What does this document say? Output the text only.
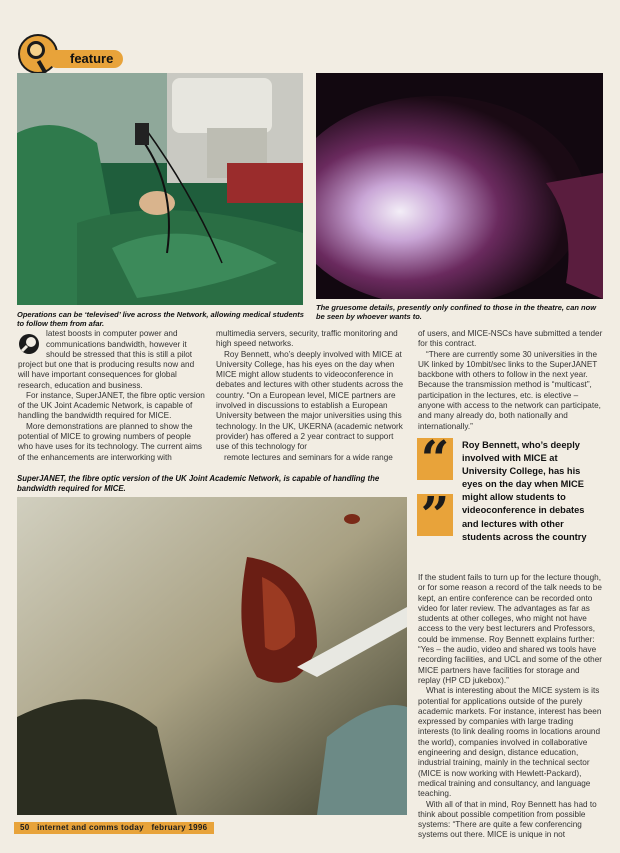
feature
Operations can be ‘televised’ live across the Network, allowing medical students to follow them from afar.
The gruesome details, presently only confined to those in the theatre, can now be seen by whoever wants to.
latest boosts in computer power and
communications bandwidth, however it
should be stressed that this is still a pilot

project but one that is producing results now and will have important consequences for global research, education and business.

For instance, SuperJANET, the fibre optic version of the UK Joint Academic Network, is capable of handling the bandwidth required for MICE.

More demonstrations are planned to show the potential of MICE to growing numbers of people who have uses for its technology. The current aims of the enhancements are interworking with

multimedia servers, security, traffic monitoring and high speed networks.

Roy Bennett, who’s deeply involved with MICE at University College, has his eyes on the day when MICE might allow students to videoconference in debates and lectures with other students across the country. “On a European level, MICE partners are involved in discussions to establish a European University between the major universities using this technology. In the UK, UKERNA (academic network provider) has offered a 2 year contract to support use of this technology for

remote lectures and seminars for a wide range

SuperJANET, the fibre optic version of the UK Joint Academic Network, is capable of handling the bandwidth required for MICE.

of users, and MICE-NSCs have submitted a tender for this contract.

“There are currently some 30 universities in the UK linked by 10mbit/sec links to the SuperJANET backbone with others to follow in the next year. Because the transmission method is “multicast”, participation in the lectures, etc. is elective – anyone with access to the network can participate, and many already do, both nationally and internationally.”

“
”
Roy Bennett, who’s deeply involved with MICE at University College, has his eyes on the day when MICE might allow students to videoconference in debates and lectures with other students across the country

If the student fails to turn up for the lecture though, or for some reason a record of the talk needs to be kept, an entire conference can be recorded onto video for later review. The advantages as far as students at other colleges, who might not have access to the very best lecturers and Professors, could be immense. Roy Bennett explains further: “Yes – the audio, video and shared ws tools have recording facilities, and UCL and some of the other MICE partners have facilities for storage and replay (HP CD jukebox).”

What is interesting about the MICE system is its potential for applications outside of the purely academic markets. For instance, interest has been expressed by companies with large trading interests (to link dealing rooms in locations around the world), companies involved in collaborative engineering and design, distance education, industrial training, mainly in the technical sector (MICE is now working with Hewlett-Packard), medical training and consultancy, and language teaching.

With all of that in mind, Roy Bennett has had to think about possible competition from possible systems: “There are quite a few conferencing systems out there. MICE is unique in not

50 internet and comms today february 1996
